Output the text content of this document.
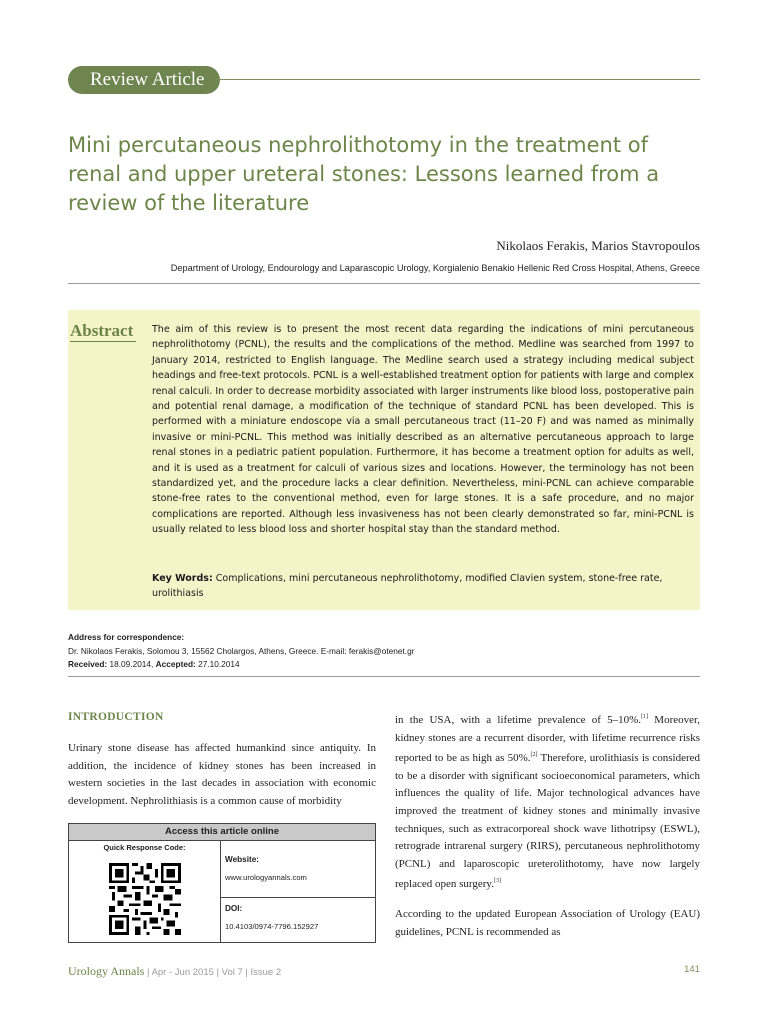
Review Article
Mini percutaneous nephrolithotomy in the treatment of renal and upper ureteral stones: Lessons learned from a review of the literature
Nikolaos Ferakis, Marios Stavropoulos
Department of Urology, Endourology and Laparascopic Urology, Korgialenio Benakio Hellenic Red Cross Hospital, Athens, Greece
Abstract The aim of this review is to present the most recent data regarding the indications of mini percutaneous nephrolithotomy (PCNL), the results and the complications of the method. Medline was searched from 1997 to January 2014, restricted to English language. The Medline search used a strategy including medical subject headings and free-text protocols. PCNL is a well-established treatment option for patients with large and complex renal calculi. In order to decrease morbidity associated with larger instruments like blood loss, postoperative pain and potential renal damage, a modification of the technique of standard PCNL has been developed. This is performed with a miniature endoscope via a small percutaneous tract (11–20 F) and was named as minimally invasive or mini-PCNL. This method was initially described as an alternative percutaneous approach to large renal stones in a pediatric patient population. Furthermore, it has become a treatment option for adults as well, and it is used as a treatment for calculi of various sizes and locations. However, the terminology has not been standardized yet, and the procedure lacks a clear definition. Nevertheless, mini-PCNL can achieve comparable stone-free rates to the conventional method, even for large stones. It is a safe procedure, and no major complications are reported. Although less invasiveness has not been clearly demonstrated so far, mini-PCNL is usually related to less blood loss and shorter hospital stay than the standard method.
Key Words: Complications, mini percutaneous nephrolithotomy, modified Clavien system, stone-free rate, urolithiasis
Address for correspondence:
Dr. Nikolaos Ferakis, Solomou 3, 15562 Cholargos, Athens, Greece. E-mail: ferakis@otenet.gr
Received: 18.09.2014, Accepted: 27.10.2014
INTRODUCTION
Urinary stone disease has affected humankind since antiquity. In addition, the incidence of kidney stones has been increased in western societies in the last decades in association with economic development. Nephrolithiasis is a common cause of morbidity
Access this article online
Quick Response Code:
Website:
www.urologyannals.com
DOI:
10.4103/0974-7796.152927

in the USA, with a lifetime prevalence of 5–10%.[1] Moreover, kidney stones are a recurrent disorder, with lifetime recurrence risks reported to be as high as 50%.[2] Therefore, urolithiasis is considered to be a disorder with significant socioeconomical parameters, which influences the quality of life. Major technological advances have improved the treatment of kidney stones and minimally invasive techniques, such as extracorporeal shock wave lithotripsy (ESWL), retrograde intrarenal surgery (RIRS), percutaneous nephrolithotomy (PCNL) and laparoscopic ureterolithotomy, have now largely replaced open surgery.[3]

According to the updated European Association of Urology (EAU) guidelines, PCNL is recommended as

Urology Annals | Apr - Jun 2015 | Vol 7 | Issue 2	141
